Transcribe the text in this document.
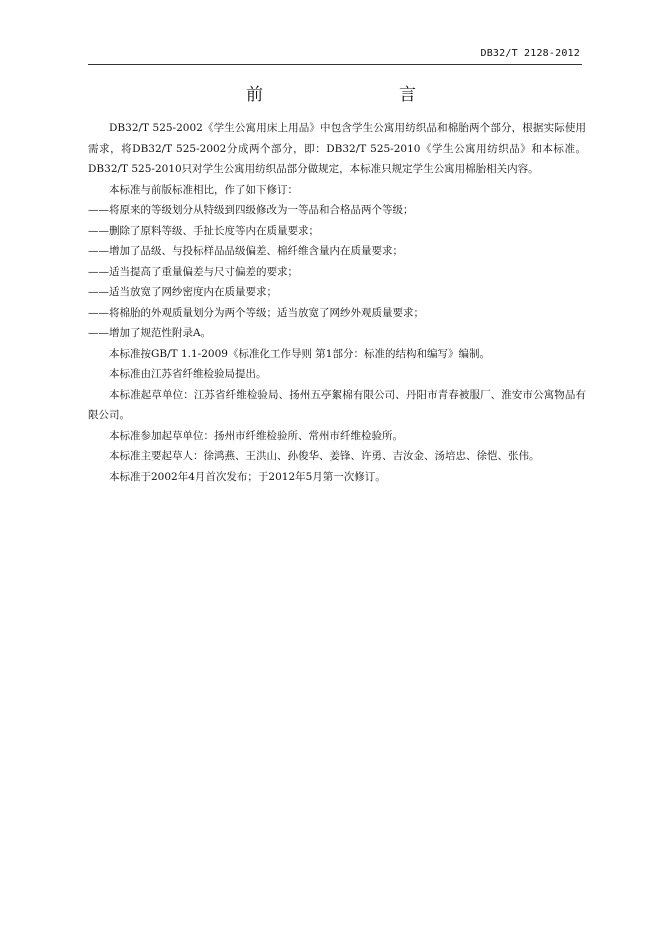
DB32/T 2128-2012
前　　言

DB32/T 525-2002《学生公寓用床上用品》中包含学生公寓用纺织品和棉胎两个部分，根据实际使用需求，将DB32/T 525-2002分成两个部分，即：DB32/T 525-2010《学生公寓用纺织品》和本标准。DB32/T 525-2010只对学生公寓用纺织品部分做规定，本标准只规定学生公寓用棉胎相关内容。

本标准与前版标准相比，作了如下修订：

——将原来的等级划分从特级到四级修改为一等品和合格品两个等级；

——删除了原料等级、手扯长度等内在质量要求；

——增加了品级、与投标样品品级偏差、棉纤维含量内在质量要求；

——适当提高了重量偏差与尺寸偏差的要求；

——适当放宽了网纱密度内在质量要求；

——将棉胎的外观质量划分为两个等级；适当放宽了网纱外观质量要求；

——增加了规范性附录A。

本标准按GB/T 1.1-2009《标准化工作导则 第1部分：标准的结构和编写》编制。

本标准由江苏省纤维检验局提出。

本标准起草单位：江苏省纤维检验局、扬州五亭絮棉有限公司、丹阳市青春被服厂、淮安市公寓物品有限公司。

本标准参加起草单位：扬州市纤维检验所、常州市纤维检验所。

本标准主要起草人：徐鸿燕、王洪山、孙俊华、姜锋、许勇、吉汝金、汤培忠、徐恺、张伟。

本标准于2002年4月首次发布；于2012年5月第一次修订。
